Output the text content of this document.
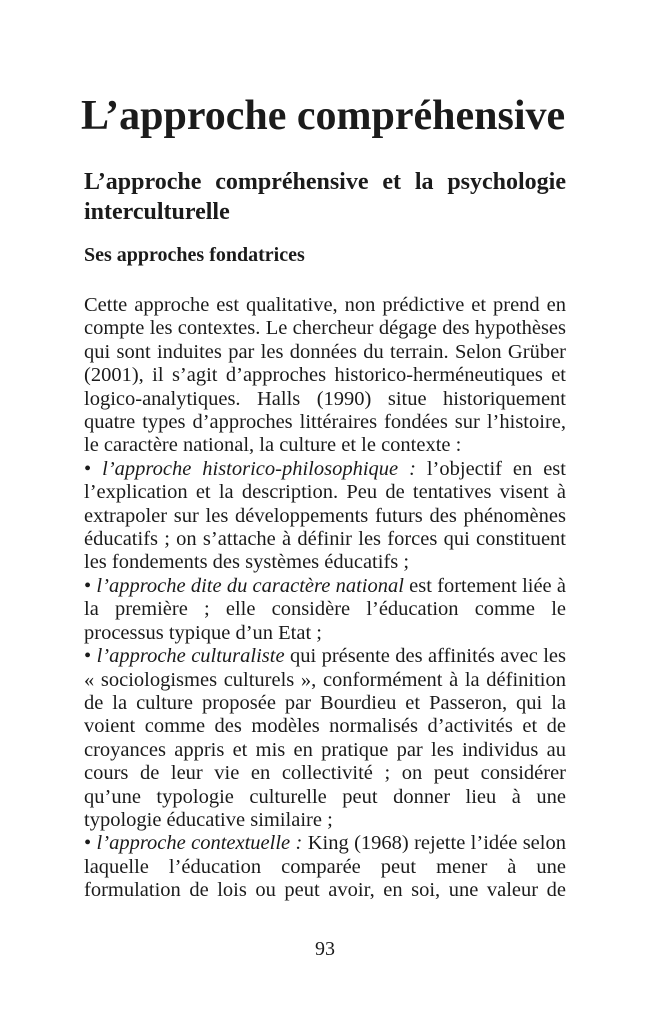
L’approche compréhensive
L’approche compréhensive et la psychologie
interculturelle
Ses approches fondatrices
Cette approche est qualitative, non prédictive et prend en
compte les contextes. Le chercheur dégage des hypothèses
qui sont induites par les données du terrain. Selon Grüber
(2001), il s’agit d’approches historico-herméneutiques et
logico-analytiques. Halls (1990) situe historiquement
quatre types d’approches littéraires fondées sur l’histoire,
le caractère national, la culture et le contexte :
• l’approche historico-philosophique : l’objectif en est
l’explication et la description. Peu de tentatives visent à
extrapoler sur les développements futurs des phénomènes
éducatifs ; on s’attache à définir les forces qui constituent
les fondements des systèmes éducatifs ;
• l’approche dite du caractère national est fortement liée à
la première ; elle considère l’éducation comme le
processus typique d’un Etat ;
• l’approche culturaliste qui présente des affinités avec les
« sociologismes culturels », conformément à la définition
de la culture proposée par Bourdieu et Passeron, qui la
voient comme des modèles normalisés d’activités et de
croyances appris et mis en pratique par les individus au
cours de leur vie en collectivité ; on peut considérer
qu’une typologie culturelle peut donner lieu à une
typologie éducative similaire ;
• l’approche contextuelle : King (1968) rejette l’idée selon
laquelle l’éducation comparée peut mener à une
formulation de lois ou peut avoir, en soi, une valeur de
93
